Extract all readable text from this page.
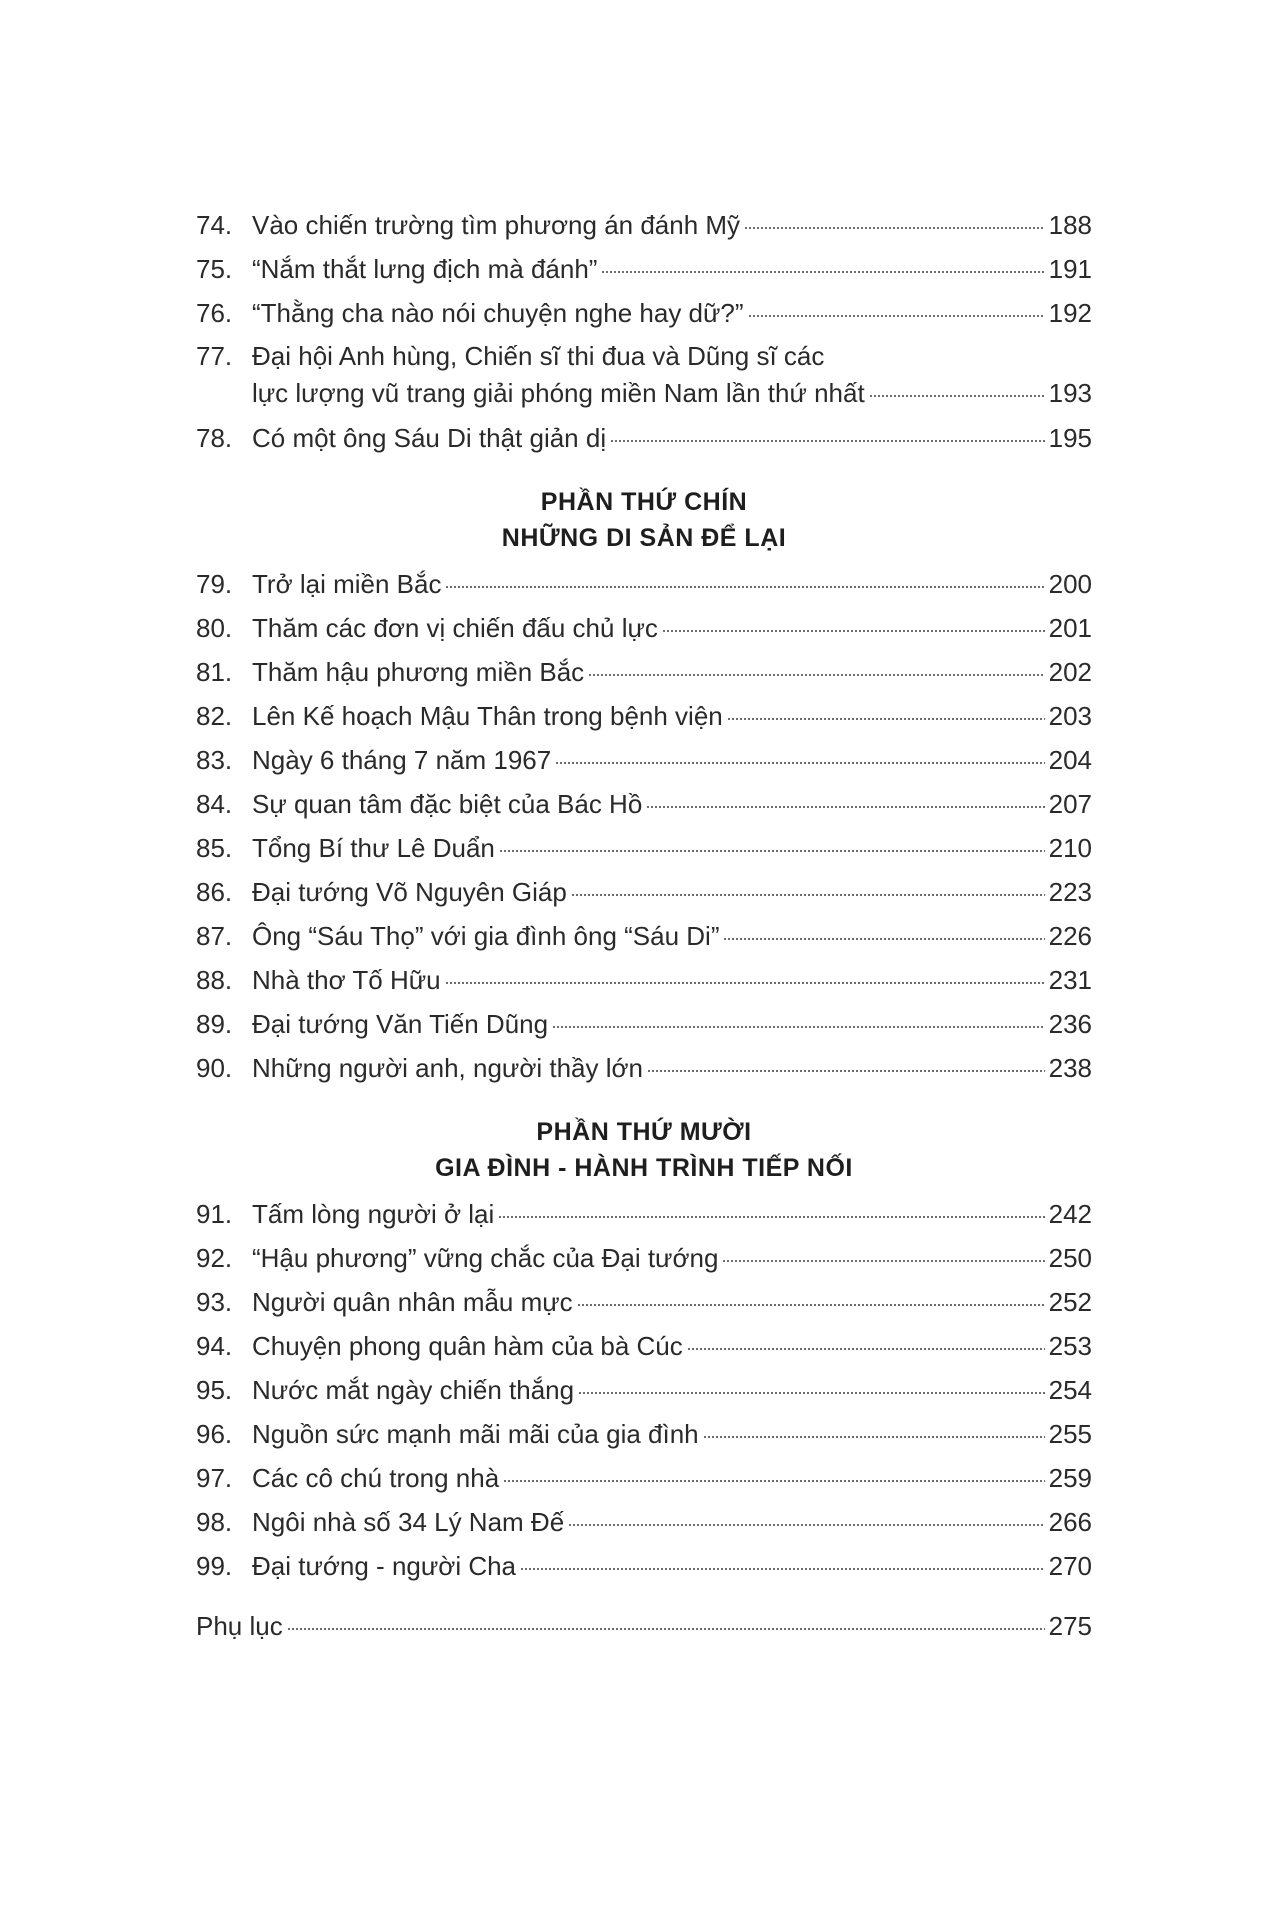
74. Vào chiến trường tìm phương án đánh Mỹ	188
75. “Nắm thắt lưng địch mà đánh”	191
76. “Thằng cha nào nói chuyện nghe hay dữ?”	192
77. Đại hội Anh hùng, Chiến sĩ thi đua và Dũng sĩ các
lực lượng vũ trang giải phóng miền Nam lần thứ nhất	193
78. Có một ông Sáu Di thật giản dị	195
PHẦN THỨ CHÍN
NHỮNG DI SẢN ĐỂ LẠI
79. Trở lại miền Bắc	200
80. Thăm các đơn vị chiến đấu chủ lực	201
81. Thăm hậu phương miền Bắc	202
82. Lên Kế hoạch Mậu Thân trong bệnh viện	203
83. Ngày 6 tháng 7 năm 1967	204
84. Sự quan tâm đặc biệt của Bác Hồ	207
85. Tổng Bí thư Lê Duẩn	210
86. Đại tướng Võ Nguyên Giáp	223
87. Ông “Sáu Thọ” với gia đình ông “Sáu Di”	226
88. Nhà thơ Tố Hữu	231
89. Đại tướng Văn Tiến Dũng	236
90. Những người anh, người thầy lớn	238
PHẦN THỨ MƯỜI
GIA ĐÌNH - HÀNH TRÌNH TIẾP NỐI
91. Tấm lòng người ở lại	242
92. “Hậu phương” vững chắc của Đại tướng	250
93. Người quân nhân mẫu mực	252
94. Chuyện phong quân hàm của bà Cúc	253
95. Nước mắt ngày chiến thắng	254
96. Nguồn sức mạnh mãi mãi của gia đình	255
97. Các cô chú trong nhà	259
98. Ngôi nhà số 34 Lý Nam Đế	266
99. Đại tướng - người Cha	270
Phụ lục	275
